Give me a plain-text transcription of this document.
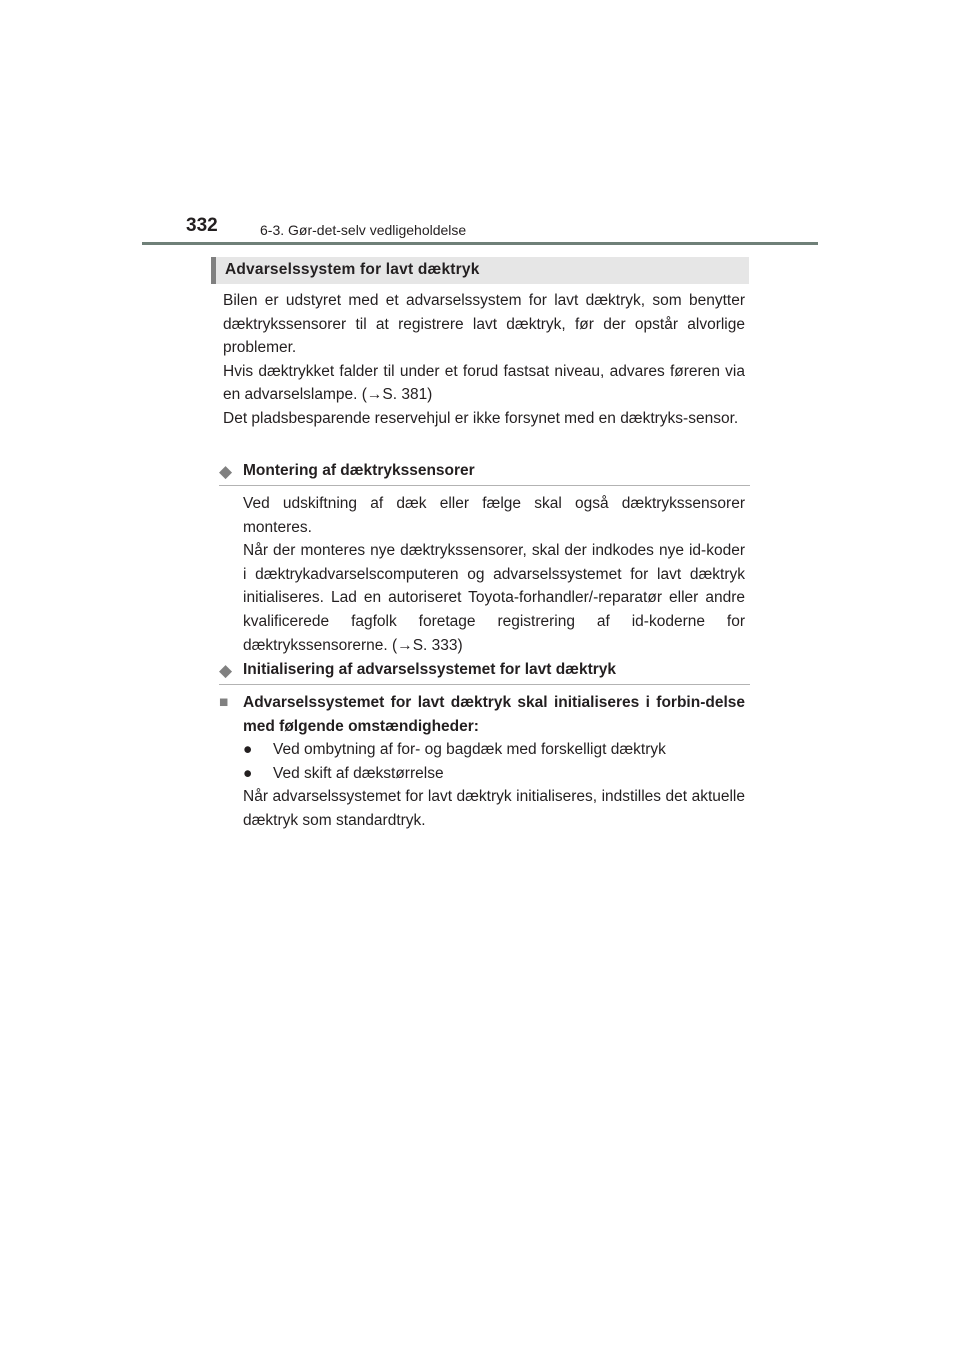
332	6-3. Gør-det-selv vedligeholdelse
Advarselssystem for lavt dæktryk
Bilen er udstyret med et advarselssystem for lavt dæktryk, som benytter dæktrykssensorer til at registrere lavt dæktryk, før der opstår alvorlige problemer.
Hvis dæktrykket falder til under et forud fastsat niveau, advares føreren via en advarselslampe. (→S. 381)
Det pladsbesparende reservehjul er ikke forsynet med en dæktryks-sensor.
◆ Montering af dæktrykssensorer
Ved udskiftning af dæk eller fælge skal også dæktrykssensorer monteres.
Når der monteres nye dæktrykssensorer, skal der indkodes nye id-koder i dæktrykadvarselscomputeren og advarselssystemet for lavt dæktryk initialiseres. Lad en autoriseret Toyota-forhandler/-reparatør eller andre kvalificerede fagfolk foretage registrering af id-koderne for dæktrykssensorerne. (→S. 333)
◆ Initialisering af advarselssystemet for lavt dæktryk
■ Advarselssystemet for lavt dæktryk skal initialiseres i forbin-delse med følgende omstændigheder:
● Ved ombytning af for- og bagdæk med forskelligt dæktryk
● Ved skift af dækstørrelse
Når advarselssystemet for lavt dæktryk initialiseres, indstilles det aktuelle dæktryk som standardtryk.
